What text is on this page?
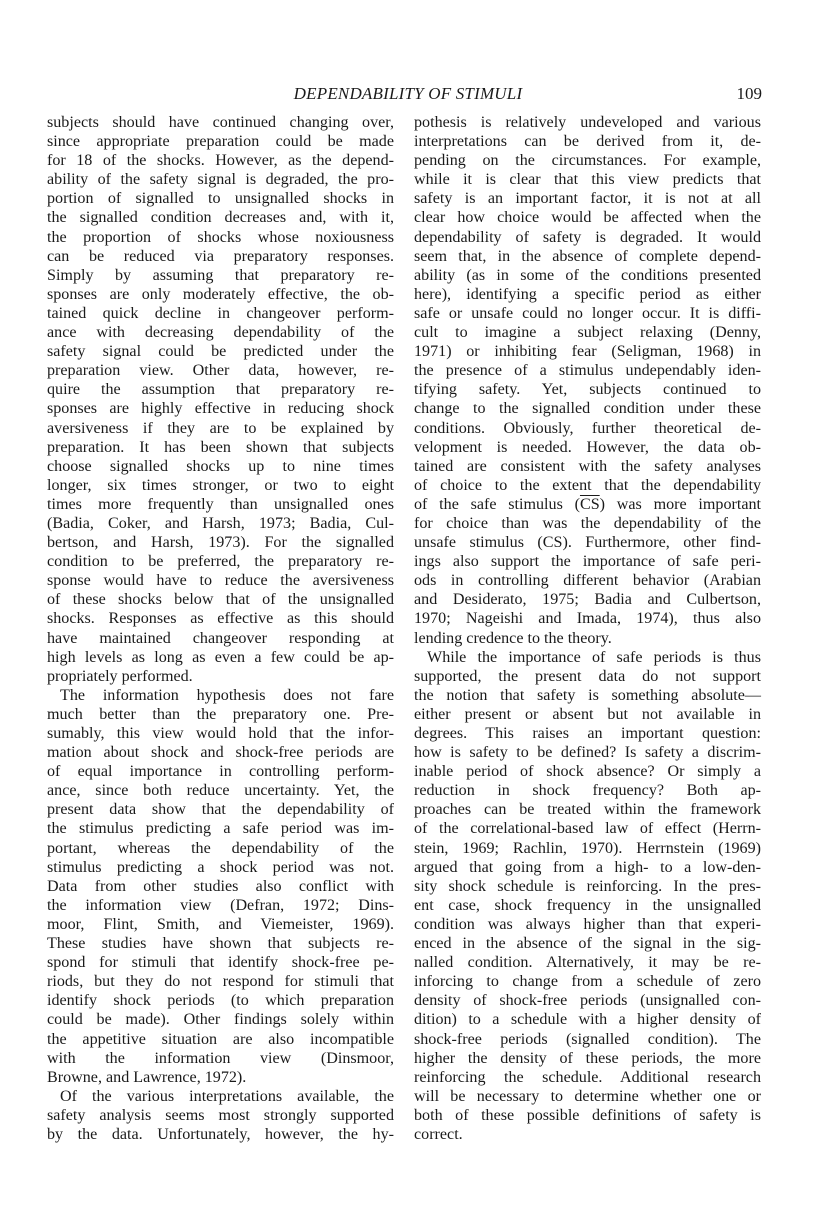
DEPENDABILITY OF STIMULI	109
subjects should have continued changing over,
since appropriate preparation could be made
for 18 of the shocks. However, as the depend-
ability of the safety signal is degraded, the pro-
portion of signalled to unsignalled shocks in
the signalled condition decreases and, with it,
the proportion of shocks whose noxiousness
can be reduced via preparatory responses.
Simply by assuming that preparatory re-
sponses are only moderately effective, the ob-
tained quick decline in changeover perform-
ance with decreasing dependability of the
safety signal could be predicted under the
preparation view. Other data, however, re-
quire the assumption that preparatory re-
sponses are highly effective in reducing shock
aversiveness if they are to be explained by
preparation. It has been shown that subjects
choose signalled shocks up to nine times
longer, six times stronger, or two to eight
times more frequently than unsignalled ones
(Badia, Coker, and Harsh, 1973; Badia, Cul-
bertson, and Harsh, 1973). For the signalled
condition to be preferred, the preparatory re-
sponse would have to reduce the aversiveness
of these shocks below that of the unsignalled
shocks. Responses as effective as this should
have maintained changeover responding at
high levels as long as even a few could be ap-
propriately performed.
The information hypothesis does not fare
much better than the preparatory one. Pre-
sumably, this view would hold that the infor-
mation about shock and shock-free periods are
of equal importance in controlling perform-
ance, since both reduce uncertainty. Yet, the
present data show that the dependability of
the stimulus predicting a safe period was im-
portant, whereas the dependability of the
stimulus predicting a shock period was not.
Data from other studies also conflict with
the information view (Defran, 1972; Dins-
moor, Flint, Smith, and Viemeister, 1969).
These studies have shown that subjects re-
spond for stimuli that identify shock-free pe-
riods, but they do not respond for stimuli that
identify shock periods (to which preparation
could be made). Other findings solely within
the appetitive situation are also incompatible
with the information view (Dinsmoor,
Browne, and Lawrence, 1972).
Of the various interpretations available, the
safety analysis seems most strongly supported
by the data. Unfortunately, however, the hy-
pothesis is relatively undeveloped and various
interpretations can be derived from it, de-
pending on the circumstances. For example,
while it is clear that this view predicts that
safety is an important factor, it is not at all
clear how choice would be affected when the
dependability of safety is degraded. It would
seem that, in the absence of complete depend-
ability (as in some of the conditions presented
here), identifying a specific period as either
safe or unsafe could no longer occur. It is diffi-
cult to imagine a subject relaxing (Denny,
1971) or inhibiting fear (Seligman, 1968) in
the presence of a stimulus undependably iden-
tifying safety. Yet, subjects continued to
change to the signalled condition under these
conditions. Obviously, further theoretical de-
velopment is needed. However, the data ob-
tained are consistent with the safety analyses
of choice to the extent that the dependability
of the safe stimulus $(\overline{CS})$ was more important
for choice than was the dependability of the
unsafe stimulus (CS). Furthermore, other find-
ings also support the importance of safe peri-
ods in controlling different behavior (Arabian
and Desiderato, 1975; Badia and Culbertson,
1970; Nageishi and Imada, 1974), thus also
lending credence to the theory.
While the importance of safe periods is thus
supported, the present data do not support
the notion that safety is something absolute—
either present or absent but not available in
degrees. This raises an important question:
how is safety to be defined? Is safety a discrim-
inable period of shock absence? Or simply a
reduction in shock frequency? Both ap-
proaches can be treated within the framework
of the correlational-based law of effect (Herrn-
stein, 1969; Rachlin, 1970). Herrnstein (1969)
argued that going from a high- to a low-den-
sity shock schedule is reinforcing. In the pres-
ent case, shock frequency in the unsignalled
condition was always higher than that experi-
enced in the absence of the signal in the sig-
nalled condition. Alternatively, it may be re-
inforcing to change from a schedule of zero
density of shock-free periods (unsignalled con-
dition) to a schedule with a higher density of
shock-free periods (signalled condition). The
higher the density of these periods, the more
reinforcing the schedule. Additional research
will be necessary to determine whether one or
both of these possible definitions of safety is
correct.
